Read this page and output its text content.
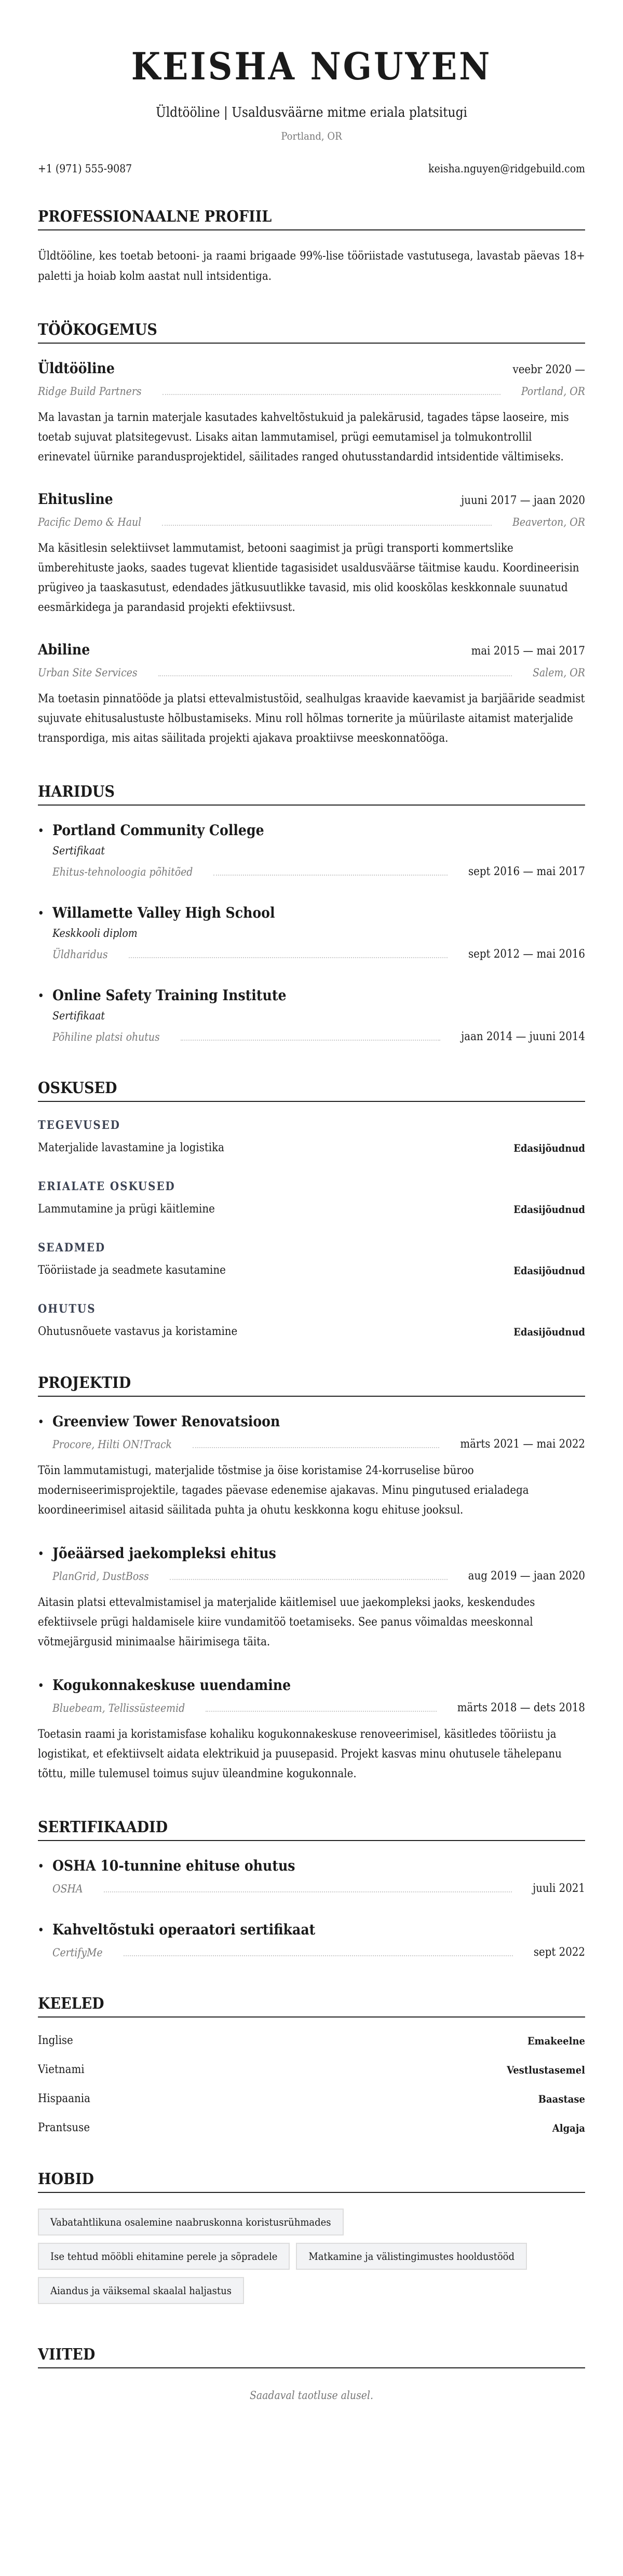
KEISHA NGUYEN
Üldtööline | Usaldusväärne mitme eriala platsitugi
Portland, OR
+1 (971) 555-9087	keisha.nguyen@ridgebuild.com
PROFESSIONAALNE PROFIIL

Üldtööline, kes toetab betooni- ja raami brigaade 99%-lise tööriistade vastutusega, lavastab päevas 18+ paletti ja hoiab kolm aastat null intsidentiga.

TÖÖKOGEMUS
Üldtööline	veebr 2020 —
Ridge Build Partners	Portland, OR

Ma lavastan ja tarnin materjale kasutades kahveltõstukuid ja palekärusid, tagades täpse laoseire, mis toetab sujuvat platsitegevust. Lisaks aitan lammutamisel, prügi eemutamisel ja tolmukontrollil erinevatel üürnike parandusprojektidel, säilitades ranged ohutusstandardid intsidentide vältimiseks.

Ehitusline	juuni 2017 — jaan 2020
Pacific Demo & Haul	Beaverton, OR

Ma käsitlesin selektiivset lammutamist, betooni saagimist ja prügi transporti kommertslike ümberehituste jaoks, saades tugevat klientide tagasisidet usaldusväärse täitmise kaudu. Koordineerisin prügiveo ja taaskasutust, edendades jätkusuutlikke tavasid, mis olid kooskõlas keskkonnale suunatud eesmärkidega ja parandasid projekti efektiivsust.

Abiline	mai 2015 — mai 2017
Urban Site Services	Salem, OR

Ma toetasin pinnatööde ja platsi ettevalmistustöid, sealhulgas kraavide kaevamist ja barjääride seadmist sujuvate ehitusalustuste hõlbustamiseks. Minu roll hõlmas tornerite ja müürilaste aitamist materjalide transpordiga, mis aitas säilitada projekti ajakava proaktiivse meeskonnatööga.

HARIDUS
• Portland Community College
Sertifikaat
Ehitus-tehnoloogia põhitõed	sept 2016 — mai 2017
• Willamette Valley High School
Keskkooli diplom
Üldharidus	sept 2012 — mai 2016
• Online Safety Training Institute
Sertifikaat
Põhiline platsi ohutus	jaan 2014 — juuni 2014
OSKUSED
TEGEVUSED
Materjalide lavastamine ja logistika	Edasijõudnud
ERIALATE OSKUSED
Lammutamine ja prügi käitlemine	Edasijõudnud
SEADMED
Tööriistade ja seadmete kasutamine	Edasijõudnud
OHUTUS
Ohutusnõuete vastavus ja koristamine	Edasijõudnud
PROJEKTID
• Greenview Tower Renovatsioon
Procore, Hilti ON!Track	märts 2021 — mai 2022

Tõin lammutamistugi, materjalide tõstmise ja öise koristamise 24-korruselise büroo moderniseerimisprojektile, tagades päevase edenemise ajakavas. Minu pingutused erialadega koordineerimisel aitasid säilitada puhta ja ohutu keskkonna kogu ehituse jooksul.

• Jõeäärsed jaekompleksi ehitus
PlanGrid, DustBoss	aug 2019 — jaan 2020

Aitasin platsi ettevalmistamisel ja materjalide käitlemisel uue jaekompleksi jaoks, keskendudes efektiivsele prügi haldamisele kiire vundamitöö toetamiseks. See panus võimaldas meeskonnal võtmejärgusid minimaalse häirimisega täita.

• Kogukonnakeskuse uuendamine
Bluebeam, Tellissüsteemid	märts 2018 — dets 2018

Toetasin raami ja koristamisfase kohaliku kogukonnakeskuse renoveerimisel, käsitledes tööriistu ja logistikat, et efektiivselt aidata elektrikuid ja puusepasid. Projekt kasvas minu ohutusele tähelepanu tõttu, mille tulemusel toimus sujuv üleandmine kogukonnale.

SERTIFIKAADID
• OSHA 10-tunnine ehituse ohutus
OSHA	juuli 2021
• Kahveltõstuki operaatori sertifikaat
CertifyMe	sept 2022
KEELED
Inglise	Emakeelne
Vietnami	Vestlustasemel
Hispaania	Baastase
Prantsuse	Algaja
HOBID
Vabatahtlikuna osalemine naabruskonna koristusrühmades
Ise tehtud mööbli ehitamine perele ja sõpradele	Matkamine ja välistingimustes hooldustööd
Aiandus ja väiksemal skaalal haljastus
VIITED
Saadaval taotluse alusel.
